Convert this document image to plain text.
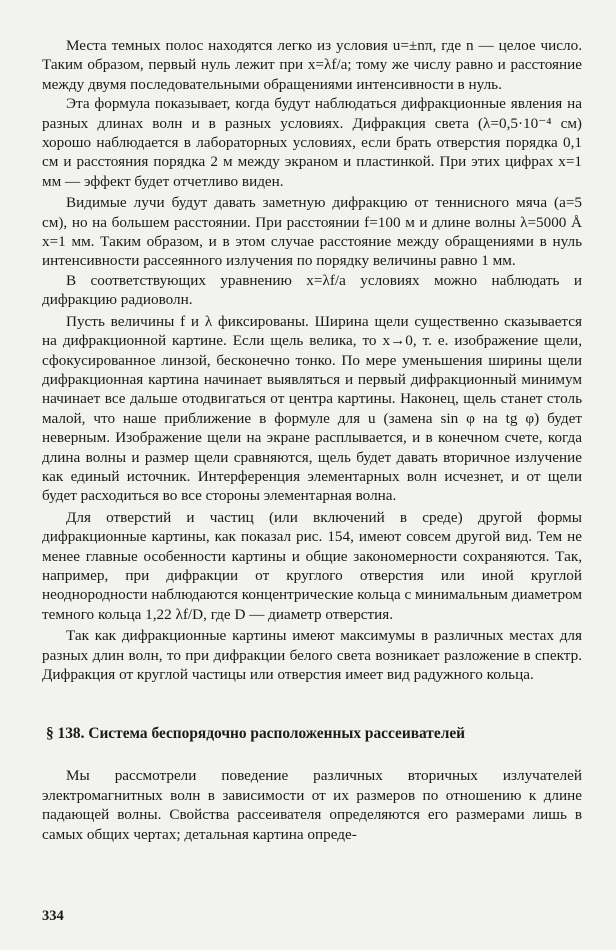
Места темных полос находятся легко из условия u=±nπ, где n — целое число. Таким образом, первый нуль лежит при x=λf/a; тому же числу равно и расстояние между двумя последовательными обращениями интенсивности в нуль.

Эта формула показывает, когда будут наблюдаться дифракционные явления на разных длинах волн и в разных условиях. Дифракция света (λ=0,5·10⁻⁴ см) хорошо наблюдается в лабораторных условиях, если брать отверстия порядка 0,1 см и расстояния порядка 2 м между экраном и пластинкой. При этих цифрах x=1 мм — эффект будет отчетливо виден.

Видимые лучи будут давать заметную дифракцию от теннисного мяча (a=5 см), но на большем расстоянии. При расстоянии f=100 м и длине волны λ=5000 Å x=1 мм. Таким образом, и в этом случае расстояние между обращениями в нуль интенсивности рассеянного излучения по порядку величины равно 1 мм.

В соответствующих уравнению x=λf/a условиях можно наблюдать и дифракцию радиоволн.

Пусть величины f и λ фиксированы. Ширина щели существенно сказывается на дифракционной картине. Если щель велика, то x→0, т. е. изображение щели, сфокусированное линзой, бесконечно тонко. По мере уменьшения ширины щели дифракционная картина начинает выявляться и первый дифракционный минимум начинает все дальше отодвигаться от центра картины. Наконец, щель станет столь малой, что наше приближение в формуле для u (замена sin φ на tg φ) будет неверным. Изображение щели на экране расплывается, и в конечном счете, когда длина волны и размер щели сравняются, щель будет давать вторичное излучение как единый источник. Интерференция элементарных волн исчезнет, и от щели будет расходиться во все стороны элементарная волна.

Для отверстий и частиц (или включений в среде) другой формы дифракционные картины, как показал рис. 154, имеют совсем другой вид. Тем не менее главные особенности картины и общие закономерности сохраняются. Так, например, при дифракции от круглого отверстия или иной круглой неоднородности наблюдаются концентрические кольца с минимальным диаметром темного кольца 1,22 λf/D, где D — диаметр отверстия.

Так как дифракционные картины имеют максимумы в различных местах для разных длин волн, то при дифракции белого света возникает разложение в спектр. Дифракция от круглой частицы или отверстия имеет вид радужного кольца.

§ 138. Система беспорядочно расположенных рассеивателей

Мы рассмотрели поведение различных вторичных излучателей электромагнитных волн в зависимости от их размеров по отношению к длине падающей волны. Свойства рассеивателя определяются его размерами лишь в самых общих чертах; детальная картина опреде-

334
